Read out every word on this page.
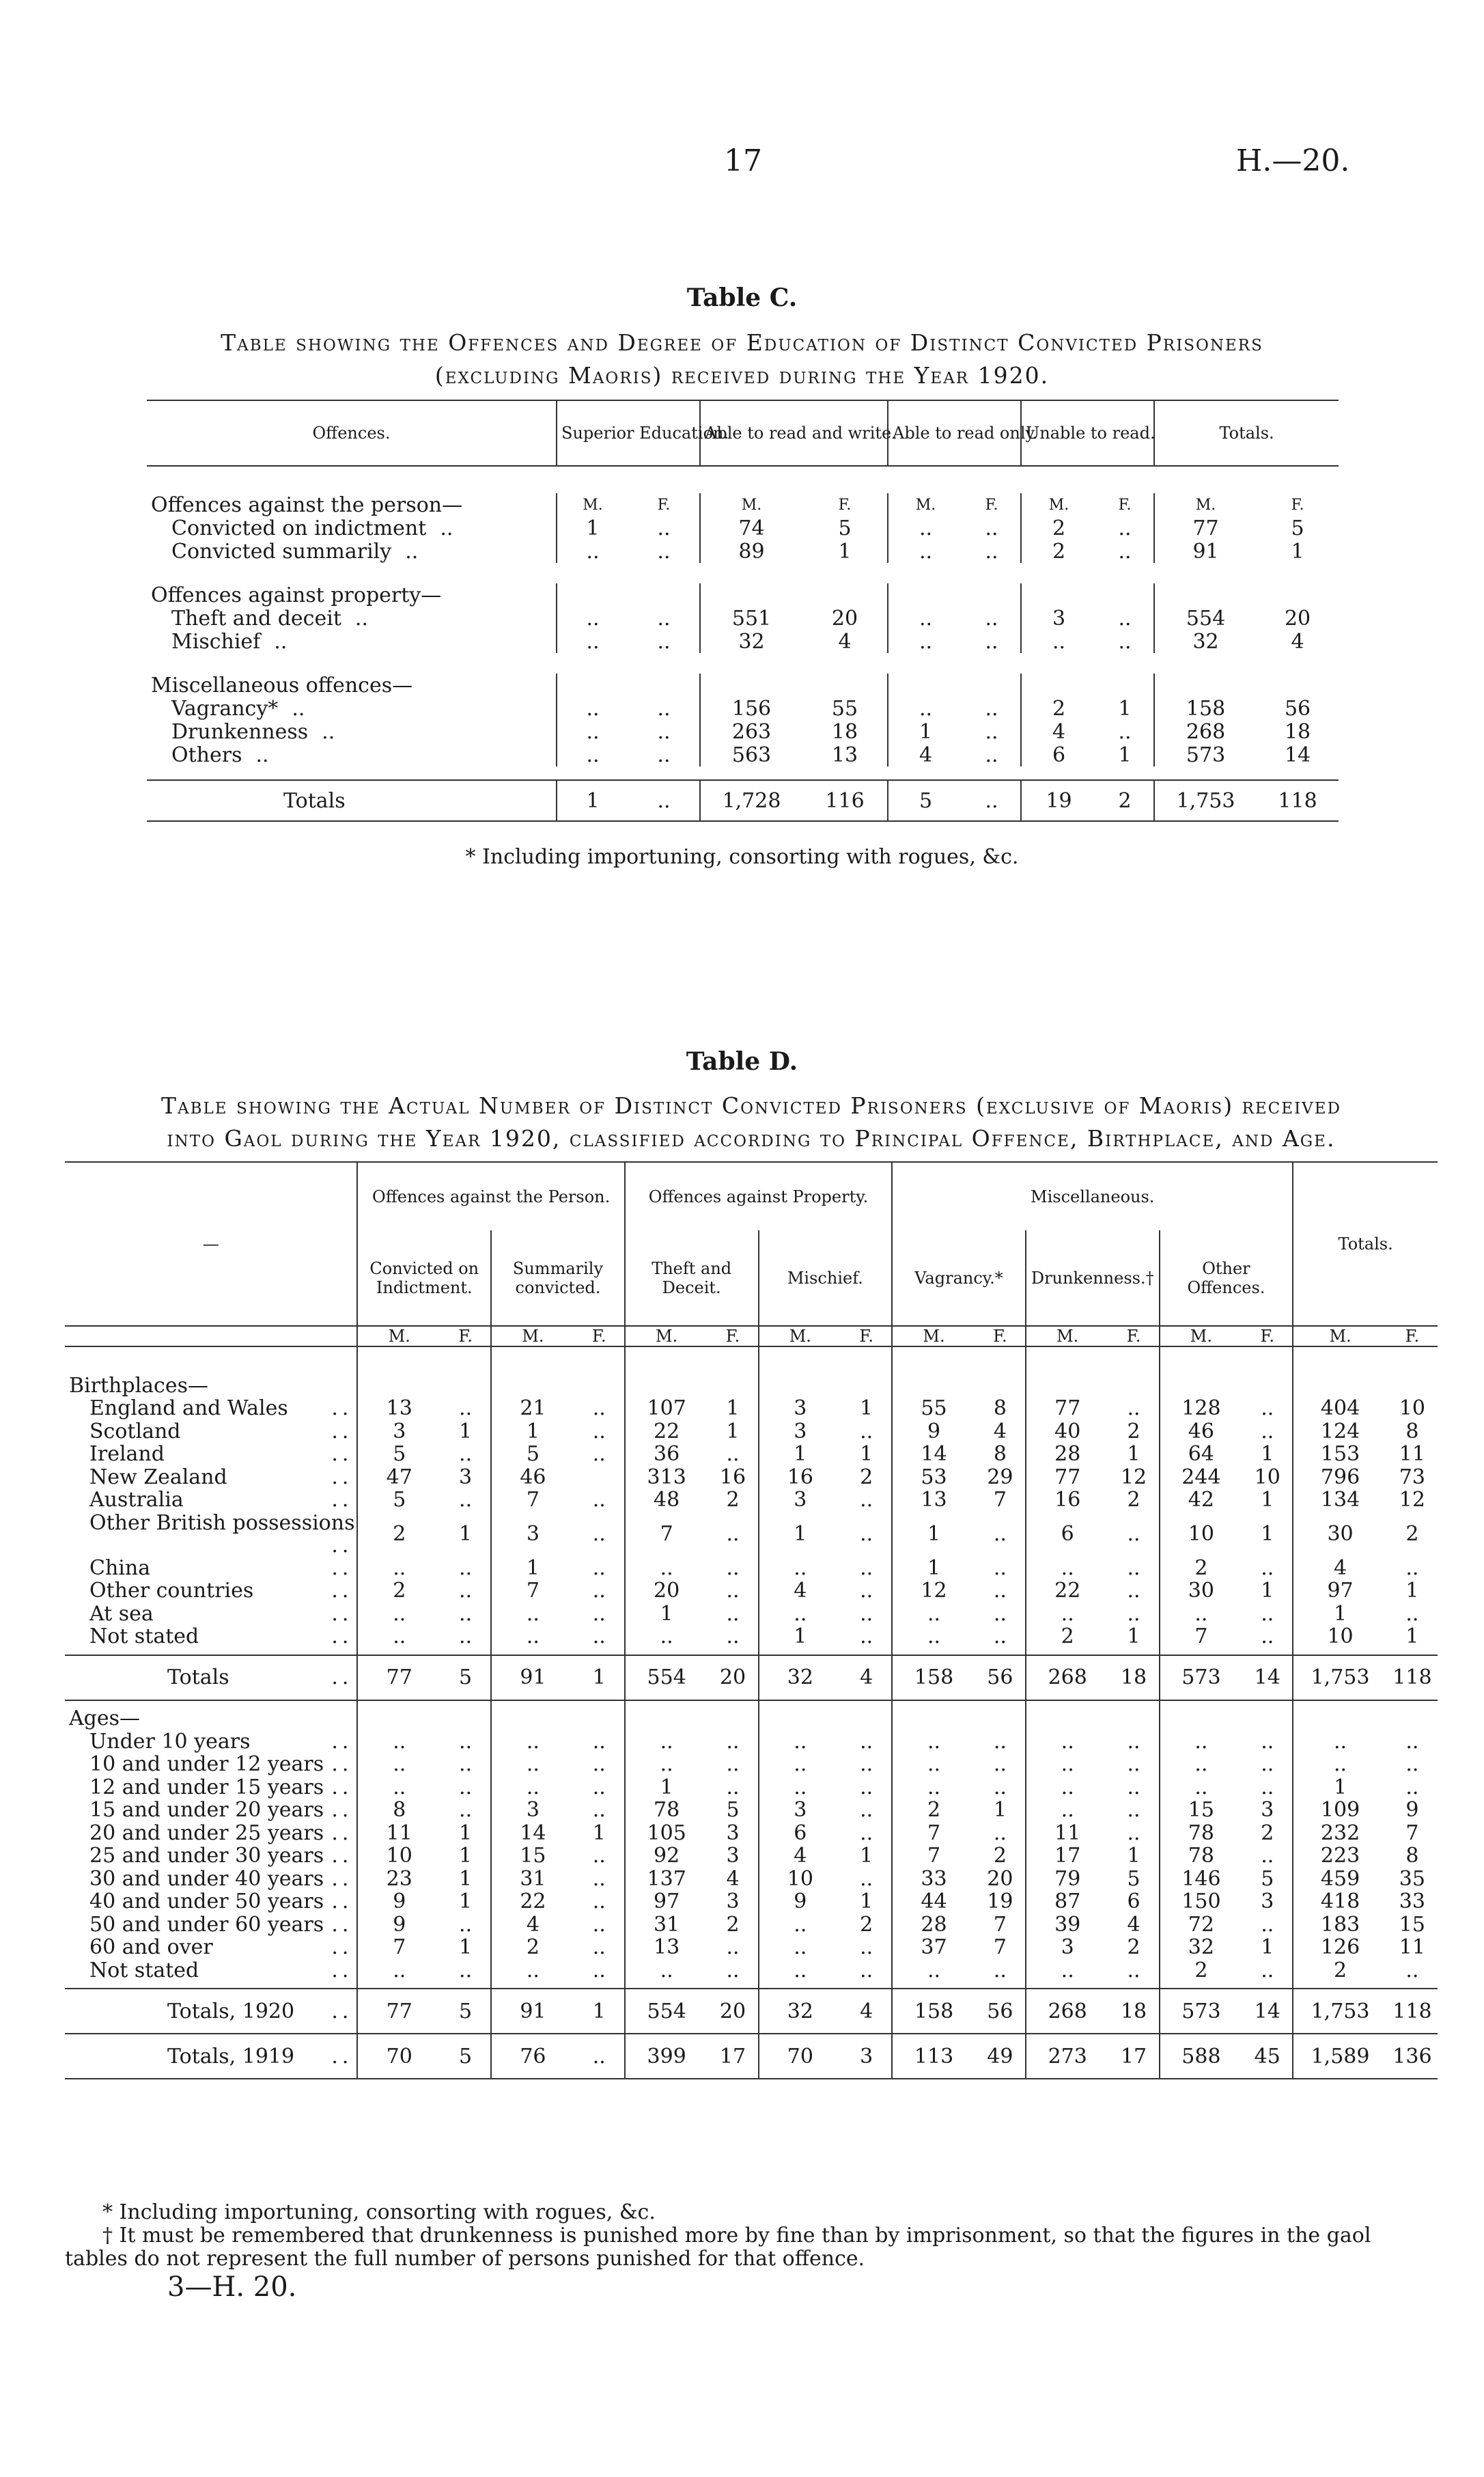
17	H.—20.
Table C.
Table showing the Offences and Degree of Education of Distinct Convicted Prisoners
(excluding Maoris) received during the Year 1920.
Offences.	Superior Education.		Able to read and write.		Able to read only.		Unable to read.		Totals.	

Offences against the person—	M.	F.	M.	F.	M.	F.	M.	F.	M.	F.
Convicted on indictment ..	1	..	74	5	..	..	2	..	77	5
Convicted summarily ..	..	..	89	1	..	..	2	..	91	1

Offences against property—										
Theft and deceit ..	..	..	551	20	..	..	3	..	554	20
Mischief ..	..	..	32	4	..	..	..	..	32	4

Miscellaneous offences—										
Vagrancy* ..	..	..	156	55	..	..	2	1	158	56
Drunkenness ..	..	..	263	18	1	..	4	..	268	18
Others ..	..	..	563	13	4	..	6	1	573	14

Totals	1	..	1,728	116	5	..	19	2	1,753	118
* Including importuning, consorting with rogues, &c.
Table D.
Table showing the Actual Number of Distinct Convicted Prisoners (exclusive of Maoris) received
into Gaol during the Year 1920, classified according to Principal Offence, Birthplace, and Age.
—	Offences against the Person.				Offences against Property.				Miscellaneous.						Totals.	
	Convicted on Indictment.		Summarily convicted.		Theft and Deceit.		Mischief.		Vagrancy.*		Drunkenness.†		Other Offences.			
	M.	F.	M.	F.	M.	F.	M.	F.	M.	F.	M.	F.	M.	F.	M.	F.

Birthplaces—																
England and Wales ..	13	..	21	..	107	1	3	1	55	8	77	..	128	..	404	10
Scotland ..	3	1	1	..	22	1	3	..	9	4	40	2	46	..	124	8
Ireland ..	5	..	5	..	36	..	1	1	14	8	28	1	64	1	153	11
New Zealand ..	47	3	46		313	16	16	2	53	29	77	12	244	10	796	73
Australia ..	5	..	7	..	48	2	3	..	13	7	16	2	42	1	134	12
Other British possessions
..	2	1	3	..	7	..	1	..	1	..	6	..	10	1	30	2
China ..	..	..	1	..	..	..	..	..	1	..	..	..	2	..	4	..
Other countries ..	2	..	7	..	20	..	4	..	12	..	22	..	30	1	97	1
At sea ..	..	..	..	..	1	..	..	..	..	..	..	..	..	..	1	..
Not stated ..	..	..	..	..	..	..	1	..	..	..	2	1	7	..	10	1

Totals ..	77	5	91	1	554	20	32	4	158	56	268	18	573	14	1,753	118

Ages—																
Under 10 years ..	..	..	..	..	..	..	..	..	..	..	..	..	..	..	..	..
10 and under 12 years ..	..	..	..	..	..	..	..	..	..	..	..	..	..	..	..	..
12 and under 15 years ..	..	..	..	..	1	..	..	..	..	..	..	..	..	..	1	..
15 and under 20 years ..	8	..	3	..	78	5	3	..	2	1	..	..	15	3	109	9
20 and under 25 years ..	11	1	14	1	105	3	6	..	7	..	11	..	78	2	232	7
25 and under 30 years ..	10	1	15	..	92	3	4	1	7	2	17	1	78	..	223	8
30 and under 40 years ..	23	1	31	..	137	4	10	..	33	20	79	5	146	5	459	35
40 and under 50 years ..	9	1	22	..	97	3	9	1	44	19	87	6	150	3	418	33
50 and under 60 years ..	9	..	4	..	31	2	..	2	28	7	39	4	72	..	183	15
60 and over ..	7	1	2	..	13	..	..	..	37	7	3	2	32	1	126	11
Not stated ..	..	..	..	..	..	..	..	..	..	..	..	..	2	..	2	..

Totals, 1920 ..	77	5	91	1	554	20	32	4	158	56	268	18	573	14	1,753	118
Totals, 1919 ..	70	5	76	..	399	17	70	3	113	49	273	17	588	45	1,589	136
* Including importuning, consorting with rogues, &c.
† It must be remembered that drunkenness is punished more by fine than by imprisonment, so that the figures in the gaol tables do not represent the full number of persons punished for that offence.
3—H. 20.
